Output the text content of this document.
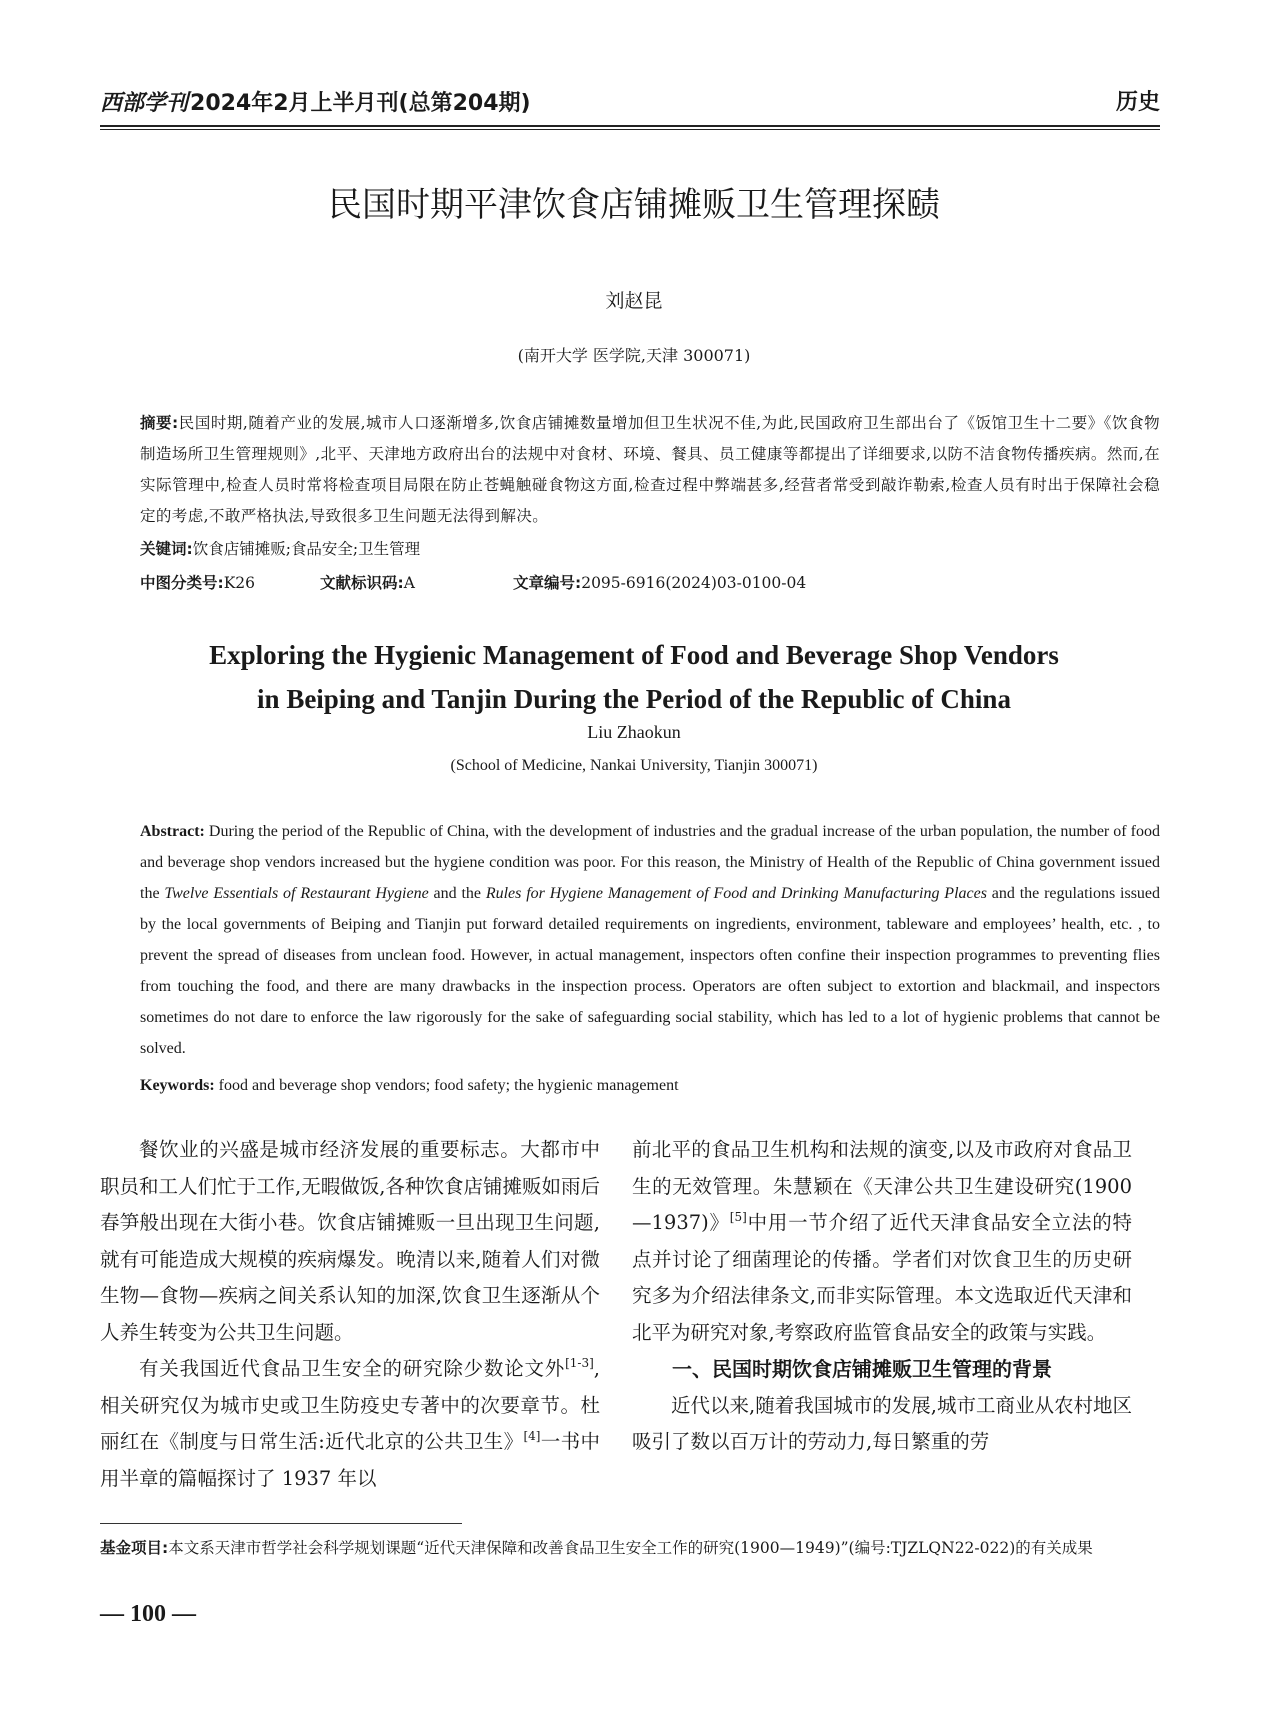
西部学刊2024年2月上半月刊(总第204期)	历史
民国时期平津饮食店铺摊贩卫生管理探赜
刘赵昆
(南开大学 医学院,天津 300071)
摘要:民国时期,随着产业的发展,城市人口逐渐增多,饮食店铺摊数量增加但卫生状况不佳,为此,民国政府卫生部出台了《饭馆卫生十二要》《饮食物制造场所卫生管理规则》,北平、天津地方政府出台的法规中对食材、环境、餐具、员工健康等都提出了详细要求,以防不洁食物传播疾病。然而,在实际管理中,检查人员时常将检查项目局限在防止苍蝇触碰食物这方面,检查过程中弊端甚多,经营者常受到敲诈勒索,检查人员有时出于保障社会稳定的考虑,不敢严格执法,导致很多卫生问题无法得到解决。
关键词:饮食店铺摊贩;食品安全;卫生管理
中图分类号:K26	文献标识码:A	文章编号:2095-6916(2024)03-0100-04
Exploring the Hygienic Management of Food and Beverage Shop Vendors
in Beiping and Tanjin During the Period of the Republic of China
Liu Zhaokun
(School of Medicine, Nankai University, Tianjin 300071)
Abstract: During the period of the Republic of China, with the development of industries and the gradual increase of the urban population, the number of food and beverage shop vendors increased but the hygiene condition was poor. For this reason, the Ministry of Health of the Republic of China government issued the Twelve Essentials of Restaurant Hygiene and the Rules for Hygiene Management of Food and Drinking Manufacturing Places and the regulations issued by the local governments of Beiping and Tianjin put forward detailed requirements on ingredients, environment, tableware and employees’ health, etc. , to prevent the spread of diseases from unclean food. However, in actual management, inspectors often confine their inspection programmes to preventing flies from touching the food, and there are many drawbacks in the inspection process. Operators are often subject to extortion and blackmail, and inspectors sometimes do not dare to enforce the law rigorously for the sake of safeguarding social stability, which has led to a lot of hygienic problems that cannot be solved.
Keywords: food and beverage shop vendors; food safety; the hygienic management

餐饮业的兴盛是城市经济发展的重要标志。大都市中职员和工人们忙于工作,无暇做饭,各种饮食店铺摊贩如雨后春笋般出现在大街小巷。饮食店铺摊贩一旦出现卫生问题,就有可能造成大规模的疾病爆发。晚清以来,随着人们对微生物—食物—疾病之间关系认知的加深,饮食卫生逐渐从个人养生转变为公共卫生问题。

有关我国近代食品卫生安全的研究除少数论文外[1-3],相关研究仅为城市史或卫生防疫史专著中的次要章节。杜丽红在《制度与日常生活:近代北京的公共卫生》[4]一书中用半章的篇幅探讨了 1937 年以

前北平的食品卫生机构和法规的演变,以及市政府对食品卫生的无效管理。朱慧颖在《天津公共卫生建设研究(1900—1937)》[5]中用一节介绍了近代天津食品安全立法的特点并讨论了细菌理论的传播。学者们对饮食卫生的历史研究多为介绍法律条文,而非实际管理。本文选取近代天津和北平为研究对象,考察政府监管食品安全的政策与实践。

一、民国时期饮食店铺摊贩卫生管理的背景

近代以来,随着我国城市的发展,城市工商业从农村地区吸引了数以百万计的劳动力,每日繁重的劳

基金项目:本文系天津市哲学社会科学规划课题“近代天津保障和改善食品卫生安全工作的研究(1900—1949)”(编号:TJZLQN22-022)的有关成果
— 100 —
